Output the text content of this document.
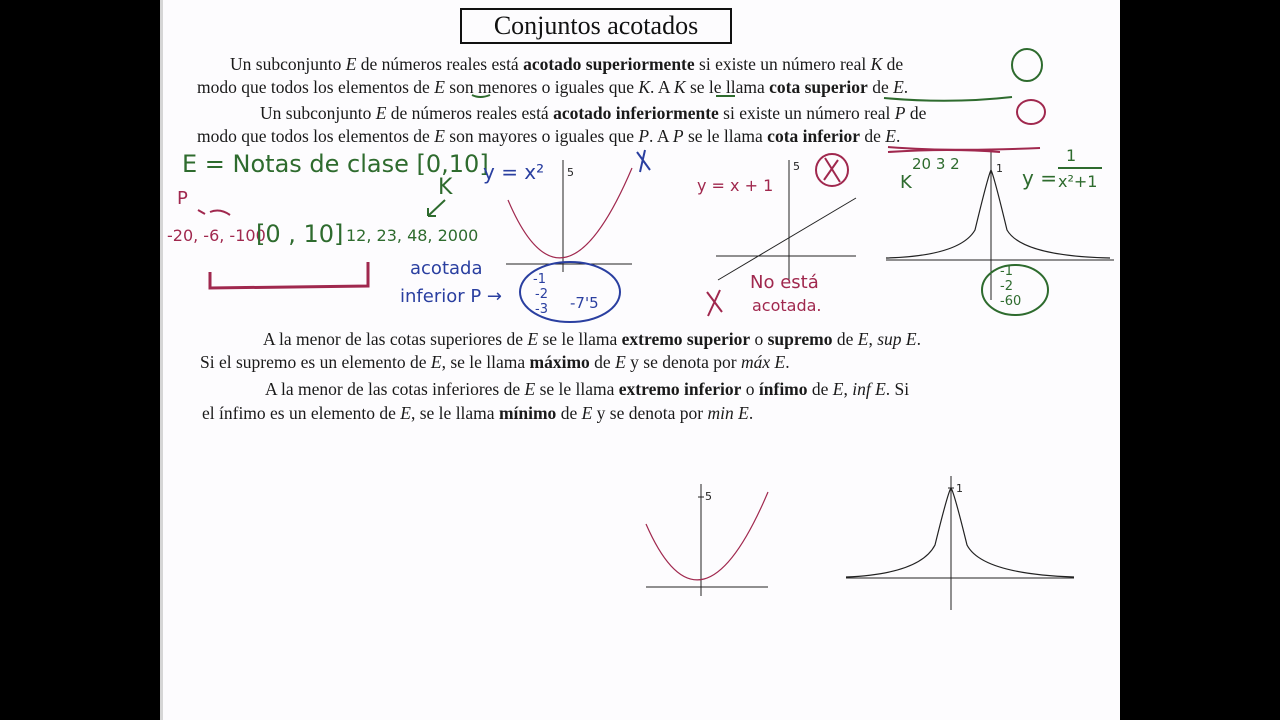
Conjuntos acotados
Un subconjunto E de números reales está acotado superiormente si existe un número real K de
modo que todos los elementos de E son menores o iguales que K. A K se le llama cota superior de E.
Un subconjunto E de números reales está acotado inferiormente si existe un número real P de
modo que todos los elementos de E son mayores o iguales que P. A P se le llama cota inferior de E.
A la menor de las cotas superiores de E se le llama extremo superior o supremo de E, sup E.
Si el supremo es un elemento de E, se le llama máximo de E y se denota por máx E.
A la menor de las cotas inferiores de E se le llama extremo inferior o ínfimo de E, inf E. Si
el ínfimo es un elemento de E, se le llama mínimo de E y se denota por min E.
E = Notas de clase [0,10]
K
P
-20, -6, -100
[0 , 10] 12, 23, 48, 2000
acotada
inferior P →
y = x² 5
-1
-2
-3 -7'5
y = x + 1
5
No está
acotada.
20 3 2
K
1 y =
1
x²+1
-1
-2
-60
5
1
